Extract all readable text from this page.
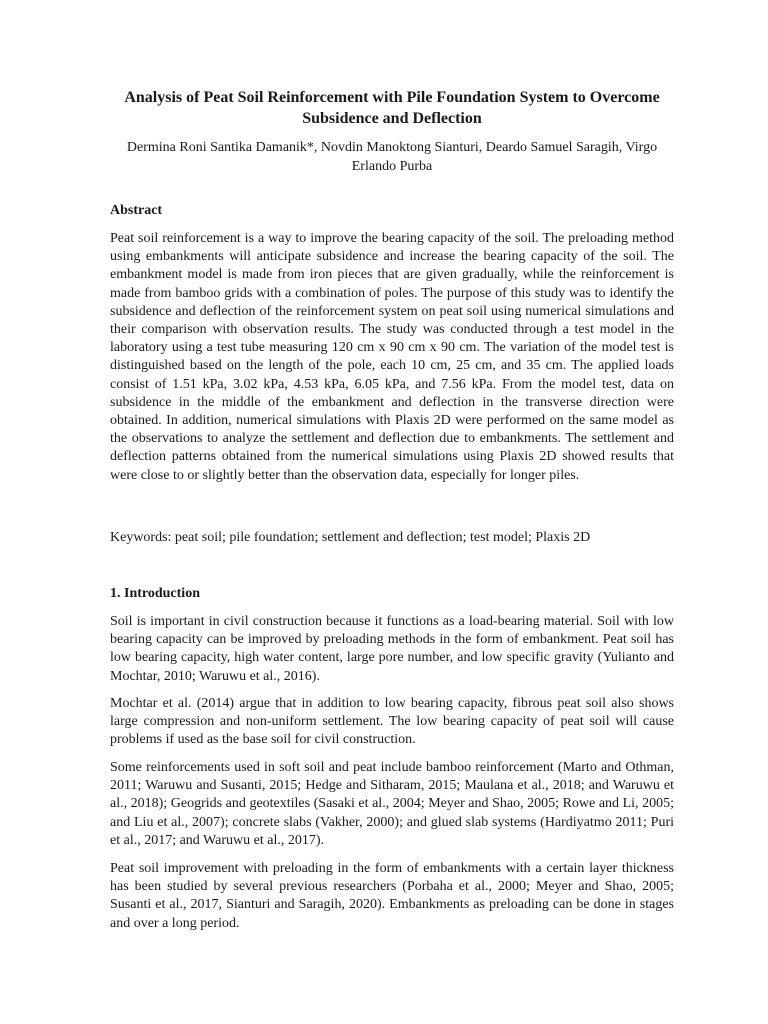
Analysis of Peat Soil Reinforcement with Pile Foundation System to Overcome Subsidence and Deflection
Dermina Roni Santika Damanik*, Novdin Manoktong Sianturi, Deardo Samuel Saragih, Virgo Erlando Purba
Abstract
Peat soil reinforcement is a way to improve the bearing capacity of the soil. The preloading method using embankments will anticipate subsidence and increase the bearing capacity of the soil. The embankment model is made from iron pieces that are given gradually, while the reinforcement is made from bamboo grids with a combination of poles. The purpose of this study was to identify the subsidence and deflection of the reinforcement system on peat soil using numerical simulations and their comparison with observation results. The study was conducted through a test model in the laboratory using a test tube measuring 120 cm x 90 cm x 90 cm. The variation of the model test is distinguished based on the length of the pole, each 10 cm, 25 cm, and 35 cm. The applied loads consist of 1.51 kPa, 3.02 kPa, 4.53 kPa, 6.05 kPa, and 7.56 kPa. From the model test, data on subsidence in the middle of the embankment and deflection in the transverse direction were obtained. In addition, numerical simulations with Plaxis 2D were performed on the same model as the observations to analyze the settlement and deflection due to embankments. The settlement and deflection patterns obtained from the numerical simulations using Plaxis 2D showed results that were close to or slightly better than the observation data, especially for longer piles.
Keywords: peat soil; pile foundation; settlement and deflection; test model; Plaxis 2D
1. Introduction
Soil is important in civil construction because it functions as a load-bearing material. Soil with low bearing capacity can be improved by preloading methods in the form of embankment. Peat soil has low bearing capacity, high water content, large pore number, and low specific gravity (Yulianto and Mochtar, 2010; Waruwu et al., 2016).
Mochtar et al. (2014) argue that in addition to low bearing capacity, fibrous peat soil also shows large compression and non-uniform settlement. The low bearing capacity of peat soil will cause problems if used as the base soil for civil construction.
Some reinforcements used in soft soil and peat include bamboo reinforcement (Marto and Othman, 2011; Waruwu and Susanti, 2015; Hedge and Sitharam, 2015; Maulana et al., 2018; and Waruwu et al., 2018); Geogrids and geotextiles (Sasaki et al., 2004; Meyer and Shao, 2005; Rowe and Li, 2005; and Liu et al., 2007); concrete slabs (Vakher, 2000); and glued slab systems (Hardiyatmo 2011; Puri et al., 2017; and Waruwu et al., 2017).
Peat soil improvement with preloading in the form of embankments with a certain layer thickness has been studied by several previous researchers (Porbaha et al., 2000; Meyer and Shao, 2005; Susanti et al., 2017, Sianturi and Saragih, 2020). Embankments as preloading can be done in stages and over a long period.
